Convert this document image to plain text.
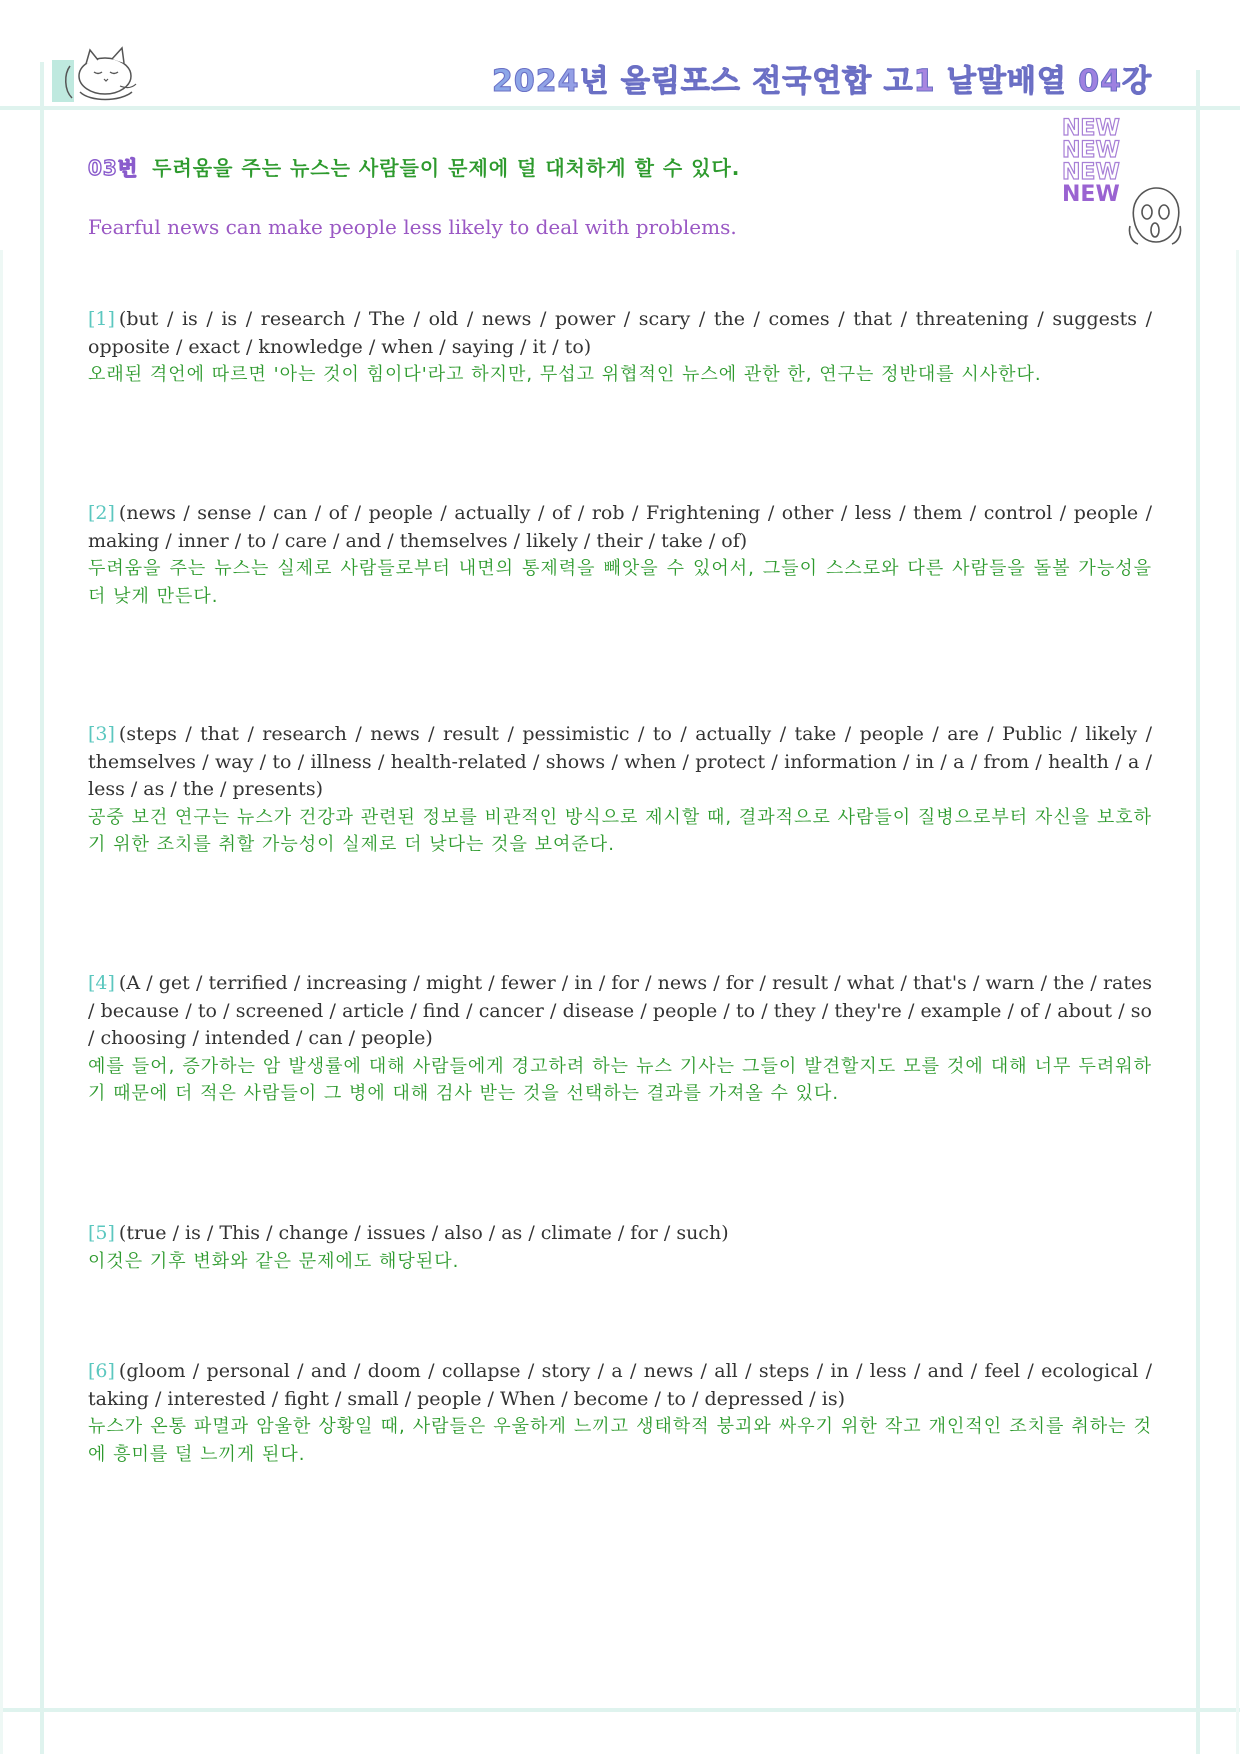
2024년 올림포스 전국연합 고1 낱말배열 04강
NEW
NEW
NEW
NEW
03번 두려움을 주는 뉴스는 사람들이 문제에 덜 대처하게 할 수 있다.
Fearful news can make people less likely to deal with problems.
[1] (but / is / is / research / The / old / news / power / scary / the / comes / that / threatening / suggests / opposite / exact / knowledge / when / saying / it / to)
오래된 격언에 따르면 '아는 것이 힘이다'라고 하지만, 무섭고 위협적인 뉴스에 관한 한, 연구는 정반대를 시사한다.
[2] (news / sense / can / of / people / actually / of / rob / Frightening / other / less / them / control / people / making / inner / to / care / and / themselves / likely / their / take / of)
두려움을 주는 뉴스는 실제로 사람들로부터 내면의 통제력을 빼앗을 수 있어서, 그들이 스스로와 다른 사람들을 돌볼 가능성을 더 낮게 만든다.
[3] (steps / that / research / news / result / pessimistic / to / actually / take / people / are / Public / likely / themselves / way / to / illness / health-related / shows / when / protect / information / in / a / from / health / a / less / as / the / presents)
공중 보건 연구는 뉴스가 건강과 관련된 정보를 비관적인 방식으로 제시할 때, 결과적으로 사람들이 질병으로부터 자신을 보호하기 위한 조치를 취할 가능성이 실제로 더 낮다는 것을 보여준다.
[4] (A / get / terrified / increasing / might / fewer / in / for / news / for / result / what / that's / warn / the / rates / because / to / screened / article / find / cancer / disease / people / to / they / they're / example / of / about / so / choosing / intended / can / people)
예를 들어, 증가하는 암 발생률에 대해 사람들에게 경고하려 하는 뉴스 기사는 그들이 발견할지도 모를 것에 대해 너무 두려워하기 때문에 더 적은 사람들이 그 병에 대해 검사 받는 것을 선택하는 결과를 가져올 수 있다.
[5] (true / is / This / change / issues / also / as / climate / for / such)
이것은 기후 변화와 같은 문제에도 해당된다.
[6] (gloom / personal / and / doom / collapse / story / a / news / all / steps / in / less / and / feel / ecological / taking / interested / fight / small / people / When / become / to / depressed / is)
뉴스가 온통 파멸과 암울한 상황일 때, 사람들은 우울하게 느끼고 생태학적 붕괴와 싸우기 위한 작고 개인적인 조치를 취하는 것에 흥미를 덜 느끼게 된다.
